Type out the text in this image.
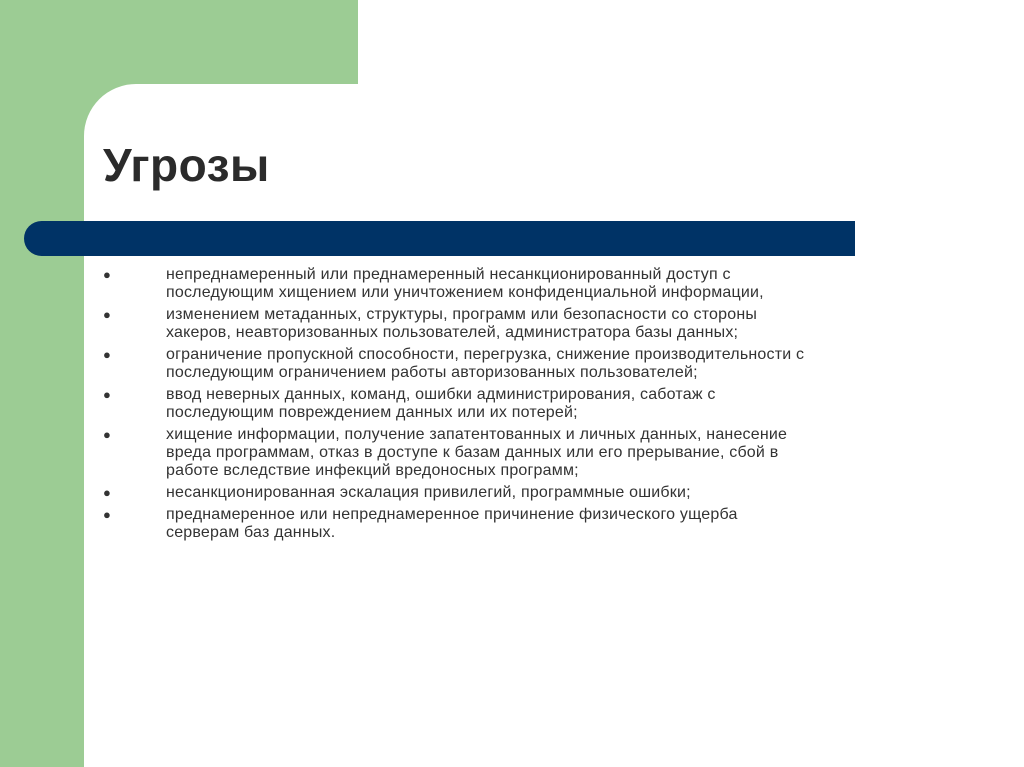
Угрозы
●	непреднамеренный или преднамеренный несанкционированный доступ с
последующим хищением или уничтожением конфиденциальной информации,
●	изменением метаданных, структуры, программ или безопасности со стороны
хакеров, неавторизованных пользователей, администратора базы данных;
●	ограничение пропускной способности, перегрузка, снижение производительности с
последующим ограничением работы авторизованных пользователей;
●	ввод неверных данных, команд, ошибки администрирования, саботаж с
последующим повреждением данных или их потерей;
●	хищение информации, получение запатентованных и личных данных, нанесение
вреда программам, отказ в доступе к базам данных или его прерывание, сбой в
работе вследствие инфекций вредоносных программ;
●	несанкционированная эскалация привилегий, программные ошибки;
●	преднамеренное или непреднамеренное причинение физического ущерба
серверам баз данных.
